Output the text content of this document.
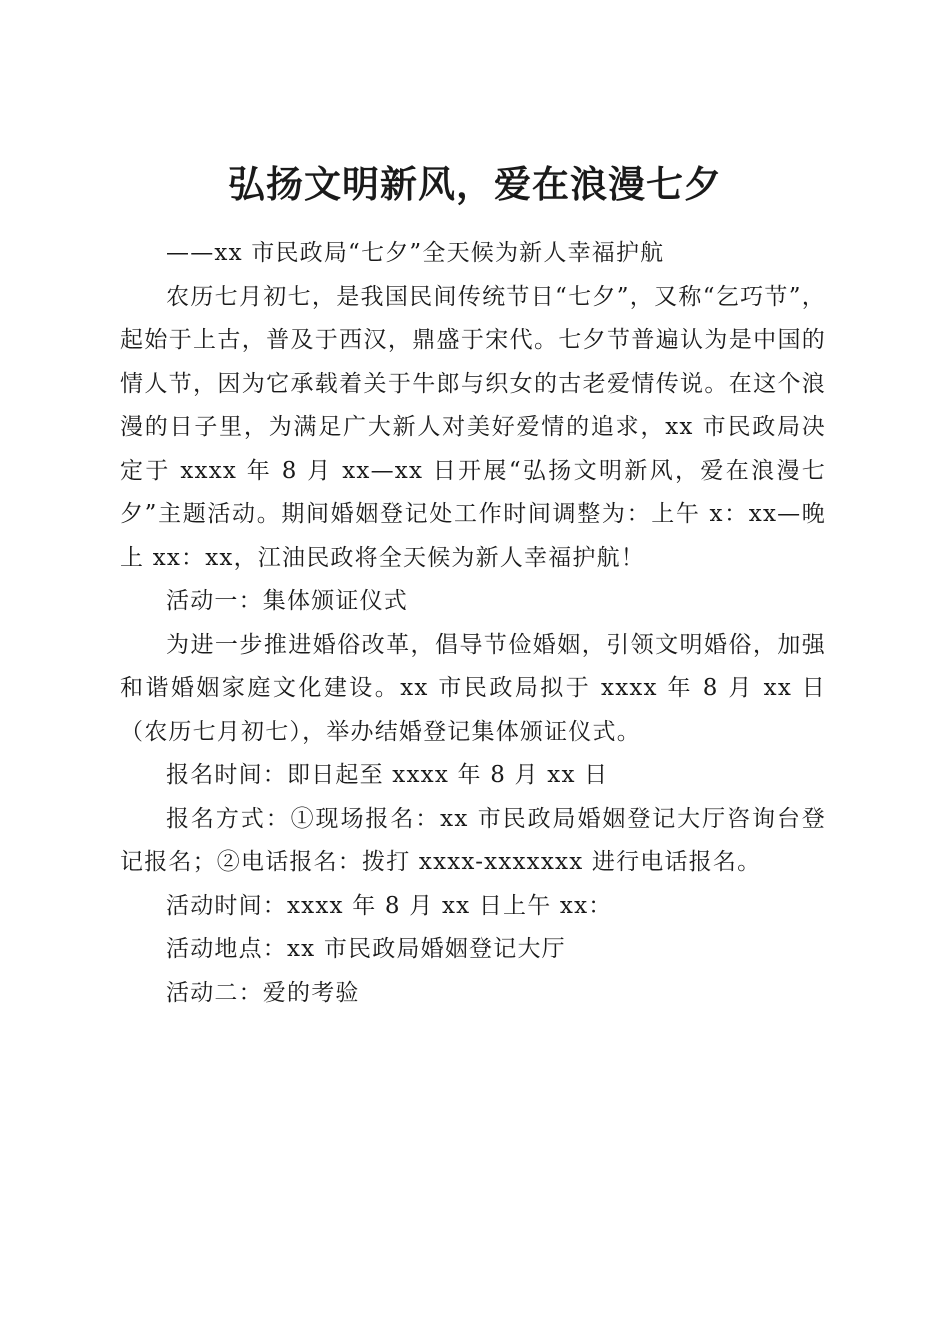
弘扬文明新风，爱在浪漫七夕

——xx 市民政局“七夕”全天候为新人幸福护航

农历七月初七，是我国民间传统节日“七夕”，又称“乞巧节”，起始于上古，普及于西汉，鼎盛于宋代。七夕节普遍认为是中国的情人节，因为它承载着关于牛郎与织女的古老爱情传说。在这个浪漫的日子里，为满足广大新人对美好爱情的追求，xx 市民政局决定于 xxxx 年 8 月 xx—xx 日开展“弘扬文明新风，爱在浪漫七夕”主题活动。期间婚姻登记处工作时间调整为：上午 x：xx—晚上 xx：xx，江油民政将全天候为新人幸福护航！

活动一：集体颁证仪式

为进一步推进婚俗改革，倡导节俭婚姻，引领文明婚俗，加强和谐婚姻家庭文化建设。xx 市民政局拟于 xxxx 年 8 月 xx 日（农历七月初七），举办结婚登记集体颁证仪式。

报名时间：即日起至 xxxx 年 8 月 xx 日

报名方式：①现场报名：xx 市民政局婚姻登记大厅咨询台登记报名；②电话报名：拨打 xxxx-xxxxxxx 进行电话报名。

活动时间：xxxx 年 8 月 xx 日上午 xx：

活动地点：xx 市民政局婚姻登记大厅

活动二：爱的考验
